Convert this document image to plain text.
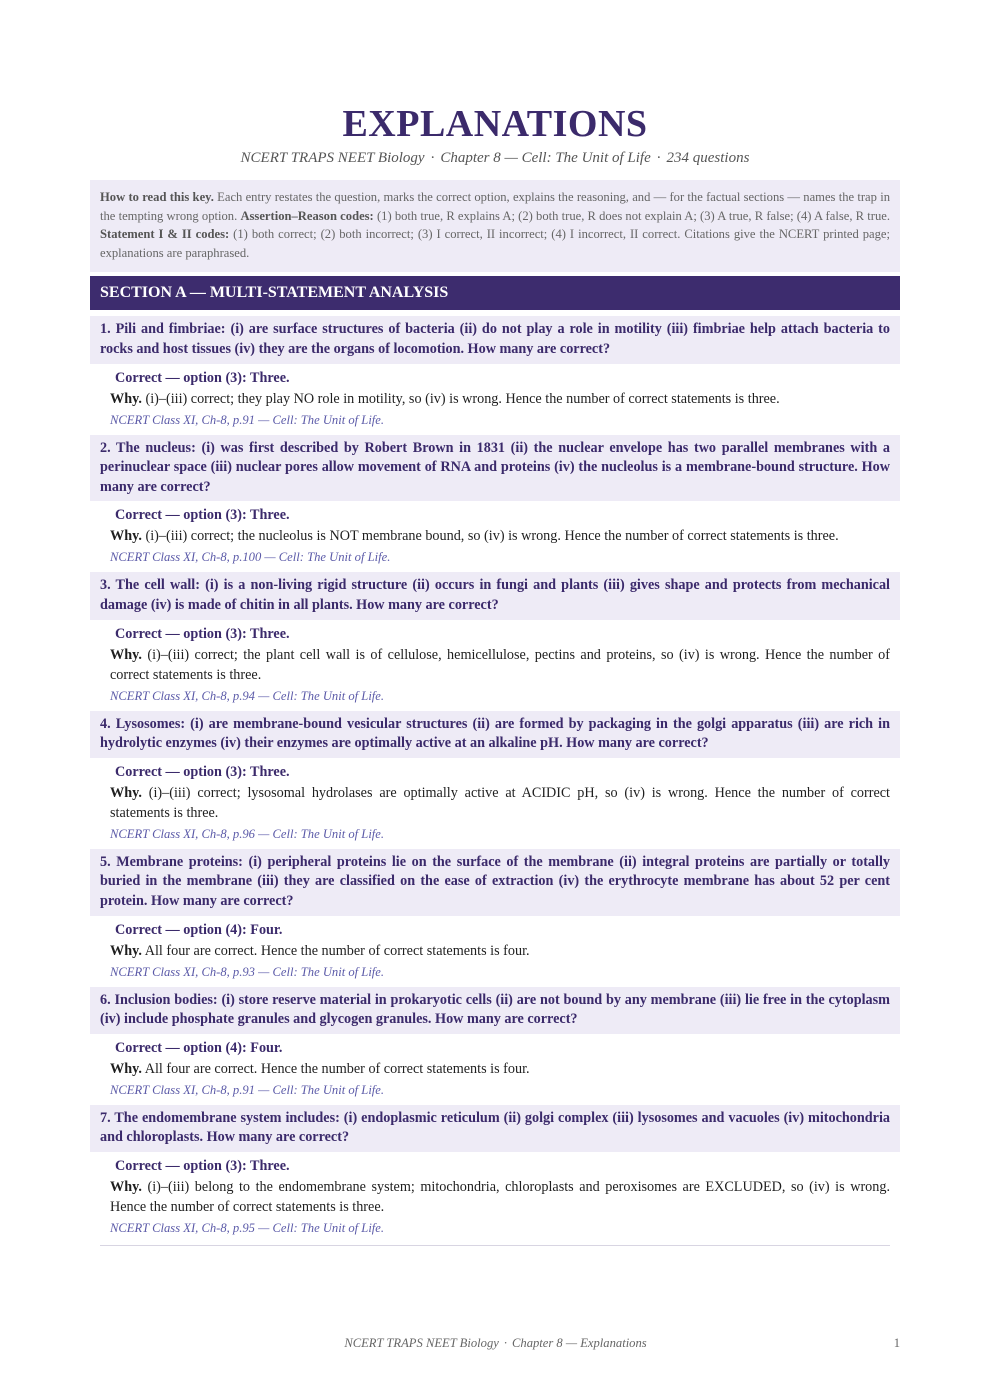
EXPLANATIONS
NCERT TRAPS NEET Biology · Chapter 8 — Cell: The Unit of Life · 234 questions
How to read this key. Each entry restates the question, marks the correct option, explains the reasoning, and — for the factual sections — names the trap in the tempting wrong option. Assertion–Reason codes: (1) both true, R explains A; (2) both true, R does not explain A; (3) A true, R false; (4) A false, R true. Statement I & II codes: (1) both correct; (2) both incorrect; (3) I correct, II incorrect; (4) I incorrect, II correct. Citations give the NCERT printed page; explanations are paraphrased.
SECTION A — MULTI-STATEMENT ANALYSIS
1. Pili and fimbriae: (i) are surface structures of bacteria (ii) do not play a role in motility (iii) fimbriae help attach bacteria to rocks and host tissues (iv) they are the organs of locomotion. How many are correct?
Correct — option (3): Three.
Why. (i)–(iii) correct; they play NO role in motility, so (iv) is wrong. Hence the number of correct statements is three.
NCERT Class XI, Ch-8, p.91 — Cell: The Unit of Life.
2. The nucleus: (i) was first described by Robert Brown in 1831 (ii) the nuclear envelope has two parallel membranes with a perinuclear space (iii) nuclear pores allow movement of RNA and proteins (iv) the nucleolus is a membrane-bound structure. How many are correct?
Correct — option (3): Three.
Why. (i)–(iii) correct; the nucleolus is NOT membrane bound, so (iv) is wrong. Hence the number of correct statements is three.
NCERT Class XI, Ch-8, p.100 — Cell: The Unit of Life.
3. The cell wall: (i) is a non-living rigid structure (ii) occurs in fungi and plants (iii) gives shape and protects from mechanical damage (iv) is made of chitin in all plants. How many are correct?
Correct — option (3): Three.
Why. (i)–(iii) correct; the plant cell wall is of cellulose, hemicellulose, pectins and proteins, so (iv) is wrong. Hence the number of correct statements is three.
NCERT Class XI, Ch-8, p.94 — Cell: The Unit of Life.
4. Lysosomes: (i) are membrane-bound vesicular structures (ii) are formed by packaging in the golgi apparatus (iii) are rich in hydrolytic enzymes (iv) their enzymes are optimally active at an alkaline pH. How many are correct?
Correct — option (3): Three.
Why. (i)–(iii) correct; lysosomal hydrolases are optimally active at ACIDIC pH, so (iv) is wrong. Hence the number of correct statements is three.
NCERT Class XI, Ch-8, p.96 — Cell: The Unit of Life.
5. Membrane proteins: (i) peripheral proteins lie on the surface of the membrane (ii) integral proteins are partially or totally buried in the membrane (iii) they are classified on the ease of extraction (iv) the erythrocyte membrane has about 52 per cent protein. How many are correct?
Correct — option (4): Four.
Why. All four are correct. Hence the number of correct statements is four.
NCERT Class XI, Ch-8, p.93 — Cell: The Unit of Life.
6. Inclusion bodies: (i) store reserve material in prokaryotic cells (ii) are not bound by any membrane (iii) lie free in the cytoplasm (iv) include phosphate granules and glycogen granules. How many are correct?
Correct — option (4): Four.
Why. All four are correct. Hence the number of correct statements is four.
NCERT Class XI, Ch-8, p.91 — Cell: The Unit of Life.
7. The endomembrane system includes: (i) endoplasmic reticulum (ii) golgi complex (iii) lysosomes and vacuoles (iv) mitochondria and chloroplasts. How many are correct?
Correct — option (3): Three.
Why. (i)–(iii) belong to the endomembrane system; mitochondria, chloroplasts and peroxisomes are EXCLUDED, so (iv) is wrong. Hence the number of correct statements is three.
NCERT Class XI, Ch-8, p.95 — Cell: The Unit of Life.
NCERT TRAPS NEET Biology · Chapter 8 — Explanations	1
